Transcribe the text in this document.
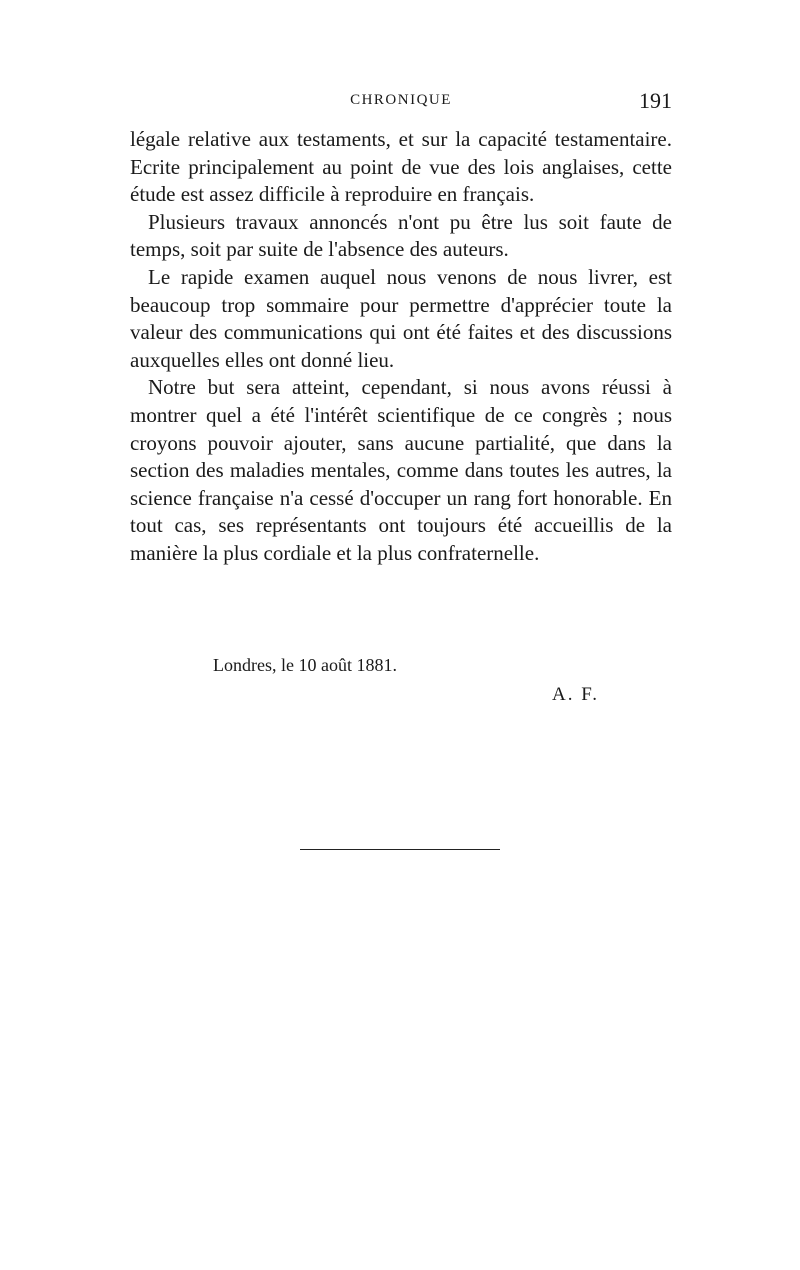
CHRONIQUE	191

légale relative aux testaments, et sur la capacité testamentaire. Ecrite principalement au point de vue des lois anglaises, cette étude est assez difficile à reproduire en français.

Plusieurs travaux annoncés n'ont pu être lus soit faute de temps, soit par suite de l'absence des auteurs.

Le rapide examen auquel nous venons de nous livrer, est beaucoup trop sommaire pour permettre d'apprécier toute la valeur des communications qui ont été faites et des discussions auxquelles elles ont donné lieu.

Notre but sera atteint, cependant, si nous avons réussi à montrer quel a été l'intérêt scientifique de ce congrès ; nous croyons pouvoir ajouter, sans aucune partialité, que dans la section des maladies mentales, comme dans toutes les autres, la science française n'a cessé d'occuper un rang fort honorable. En tout cas, ses représentants ont toujours été accueillis de la manière la plus cordiale et la plus confraternelle.

Londres, le 10 août 1881.
A. F.
